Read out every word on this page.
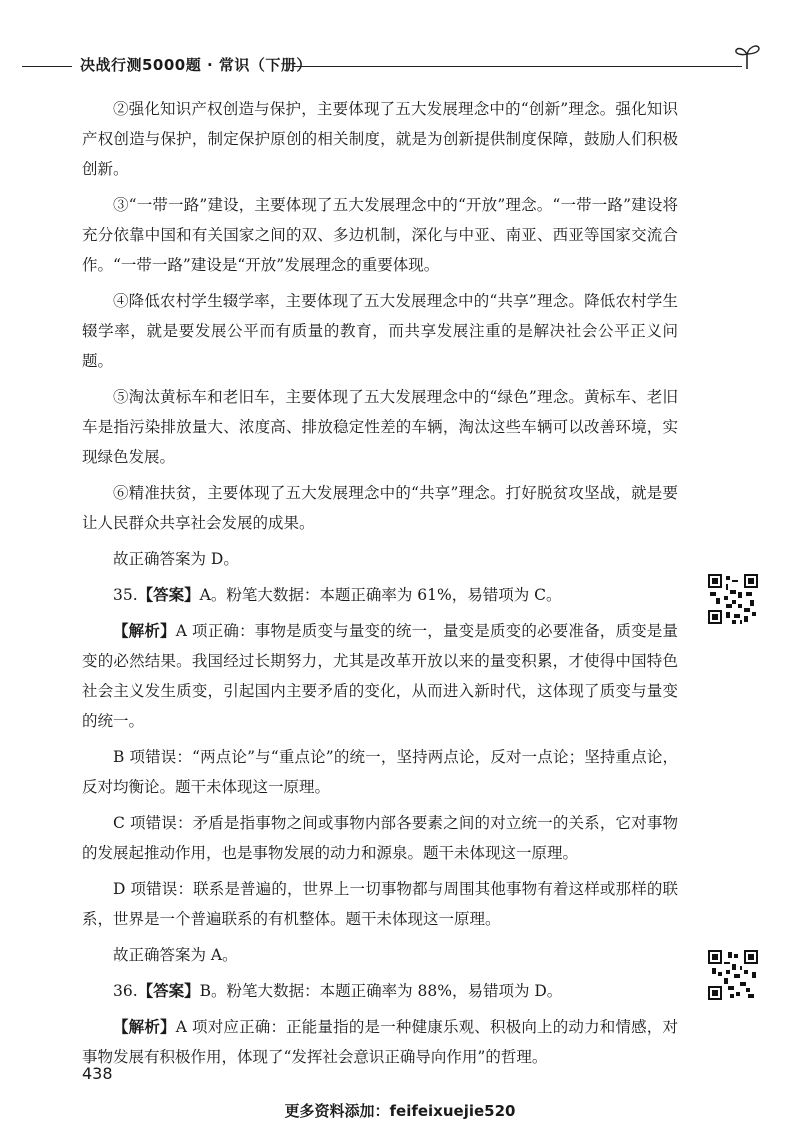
决战行测5000题 · 常识（下册）

②强化知识产权创造与保护，主要体现了五大发展理念中的“创新”理念。强化知识产权创造与保护，制定保护原创的相关制度，就是为创新提供制度保障，鼓励人们积极创新。

③“一带一路”建设，主要体现了五大发展理念中的“开放”理念。“一带一路”建设将充分依靠中国和有关国家之间的双、多边机制，深化与中亚、南亚、西亚等国家交流合作。“一带一路”建设是“开放”发展理念的重要体现。

④降低农村学生辍学率，主要体现了五大发展理念中的“共享”理念。降低农村学生辍学率，就是要发展公平而有质量的教育，而共享发展注重的是解决社会公平正义问题。

⑤淘汰黄标车和老旧车，主要体现了五大发展理念中的“绿色”理念。黄标车、老旧车是指污染排放量大、浓度高、排放稳定性差的车辆，淘汰这些车辆可以改善环境，实现绿色发展。

⑥精准扶贫，主要体现了五大发展理念中的“共享”理念。打好脱贫攻坚战，就是要让人民群众共享社会发展的成果。

故正确答案为 D。

35.【答案】A。粉笔大数据：本题正确率为 61%，易错项为 C。

【解析】A 项正确：事物是质变与量变的统一，量变是质变的必要准备，质变是量变的必然结果。我国经过长期努力，尤其是改革开放以来的量变积累，才使得中国特色社会主义发生质变，引起国内主要矛盾的变化，从而进入新时代，这体现了质变与量变的统一。

B 项错误：“两点论”与“重点论”的统一，坚持两点论，反对一点论；坚持重点论，反对均衡论。题干未体现这一原理。

C 项错误：矛盾是指事物之间或事物内部各要素之间的对立统一的关系，它对事物的发展起推动作用，也是事物发展的动力和源泉。题干未体现这一原理。

D 项错误：联系是普遍的，世界上一切事物都与周围其他事物有着这样或那样的联系，世界是一个普遍联系的有机整体。题干未体现这一原理。

故正确答案为 A。

36.【答案】B。粉笔大数据：本题正确率为 88%，易错项为 D。

【解析】A 项对应正确：正能量指的是一种健康乐观、积极向上的动力和情感，对事物发展有积极作用，体现了“发挥社会意识正确导向作用”的哲理。

438
更多资料添加：feifeixuejie520
